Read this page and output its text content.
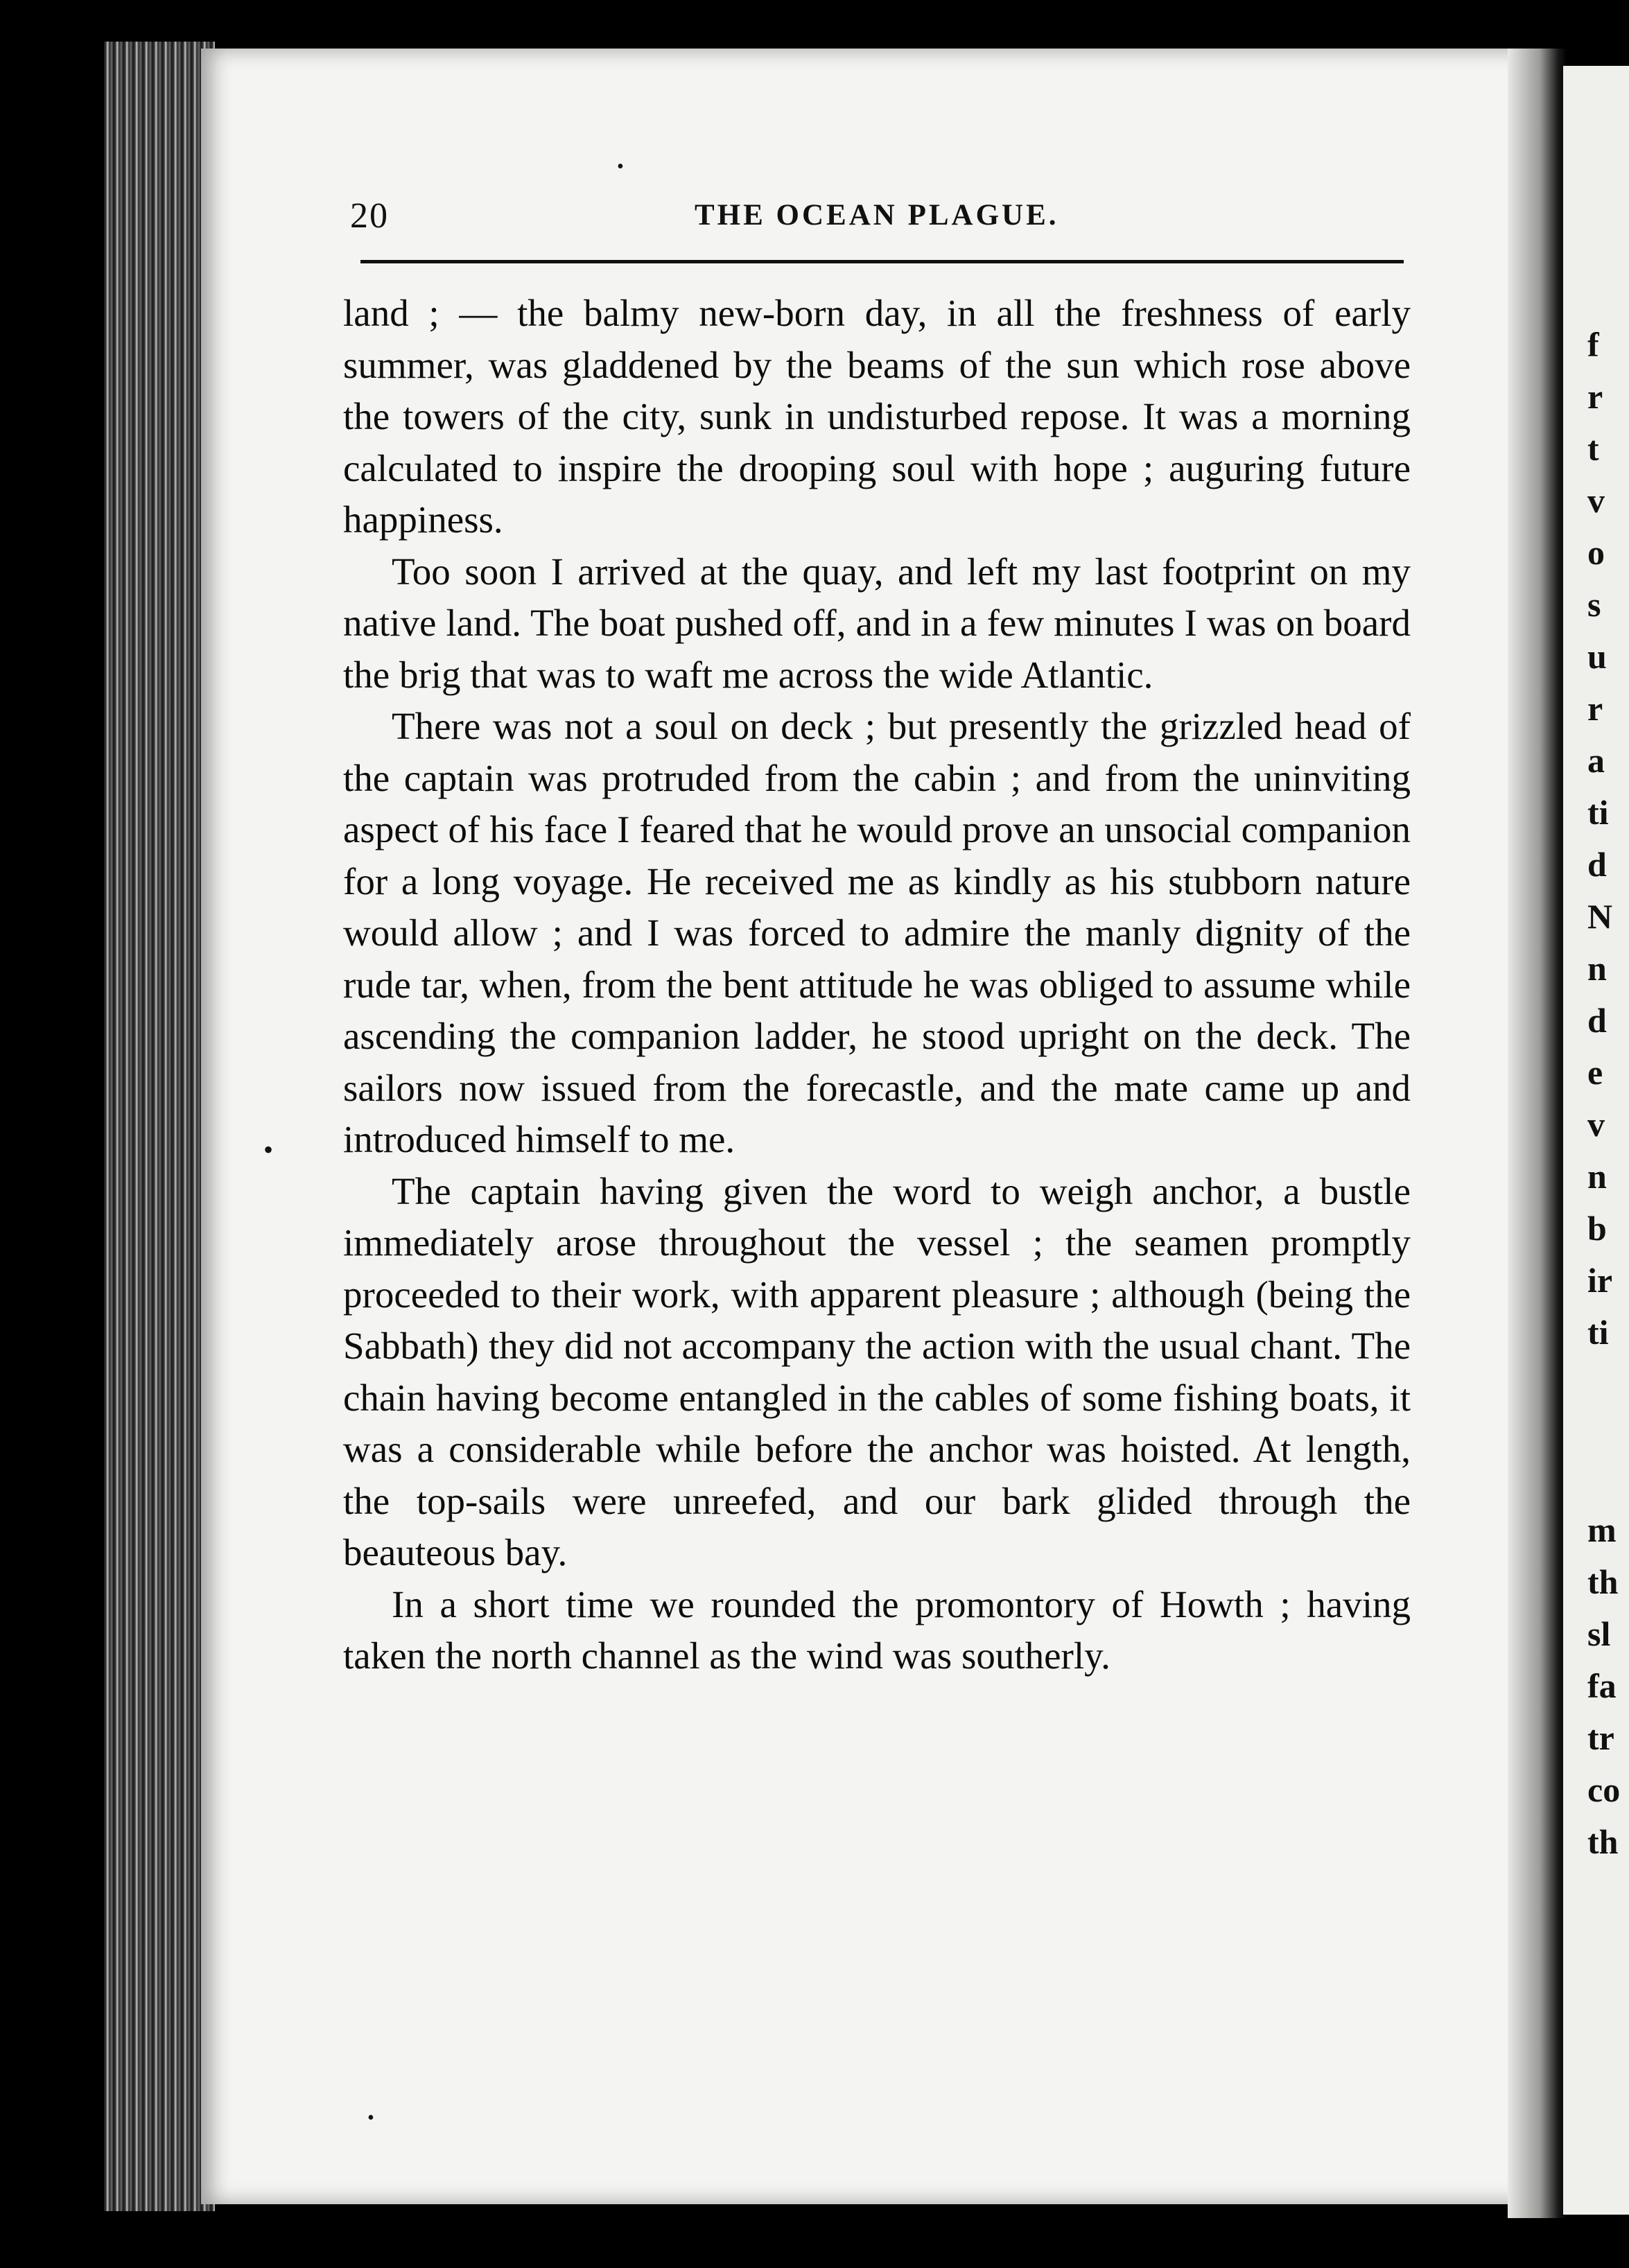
f
r
t
v
o
s
u
r
a
ti
d
N
n
d
e
v
n
b
ir
ti
m
th
sl
fa
tr
co
th
20	THE OCEAN PLAGUE.

land ; — the balmy new-born day, in all the freshness of early summer, was gladdened by the beams of the sun which rose above the towers of the city, sunk in undisturbed repose. It was a morning calculated to inspire the drooping soul with hope ; auguring future happiness.

Too soon I arrived at the quay, and left my last footprint on my native land. The boat pushed off, and in a few minutes I was on board the brig that was to waft me across the wide Atlantic.

There was not a soul on deck ; but presently the grizzled head of the captain was protruded from the cabin ; and from the uninviting aspect of his face I feared that he would prove an unsocial companion for a long voyage. He received me as kindly as his stubborn nature would allow ; and I was forced to admire the manly dignity of the rude tar, when, from the bent attitude he was obliged to assume while ascending the companion ladder, he stood upright on the deck. The sailors now issued from the forecastle, and the mate came up and introduced himself to me.

The captain having given the word to weigh anchor, a bustle immediately arose throughout the vessel ; the seamen promptly proceeded to their work, with apparent pleasure ; although (being the Sabbath) they did not accompany the action with the usual chant. The chain having become entangled in the cables of some fishing boats, it was a considerable while before the anchor was hoisted. At length, the top-sails were unreefed, and our bark glided through the beauteous bay.

In a short time we rounded the promontory of Howth ; having taken the north channel as the wind was southerly.

•
•
•
